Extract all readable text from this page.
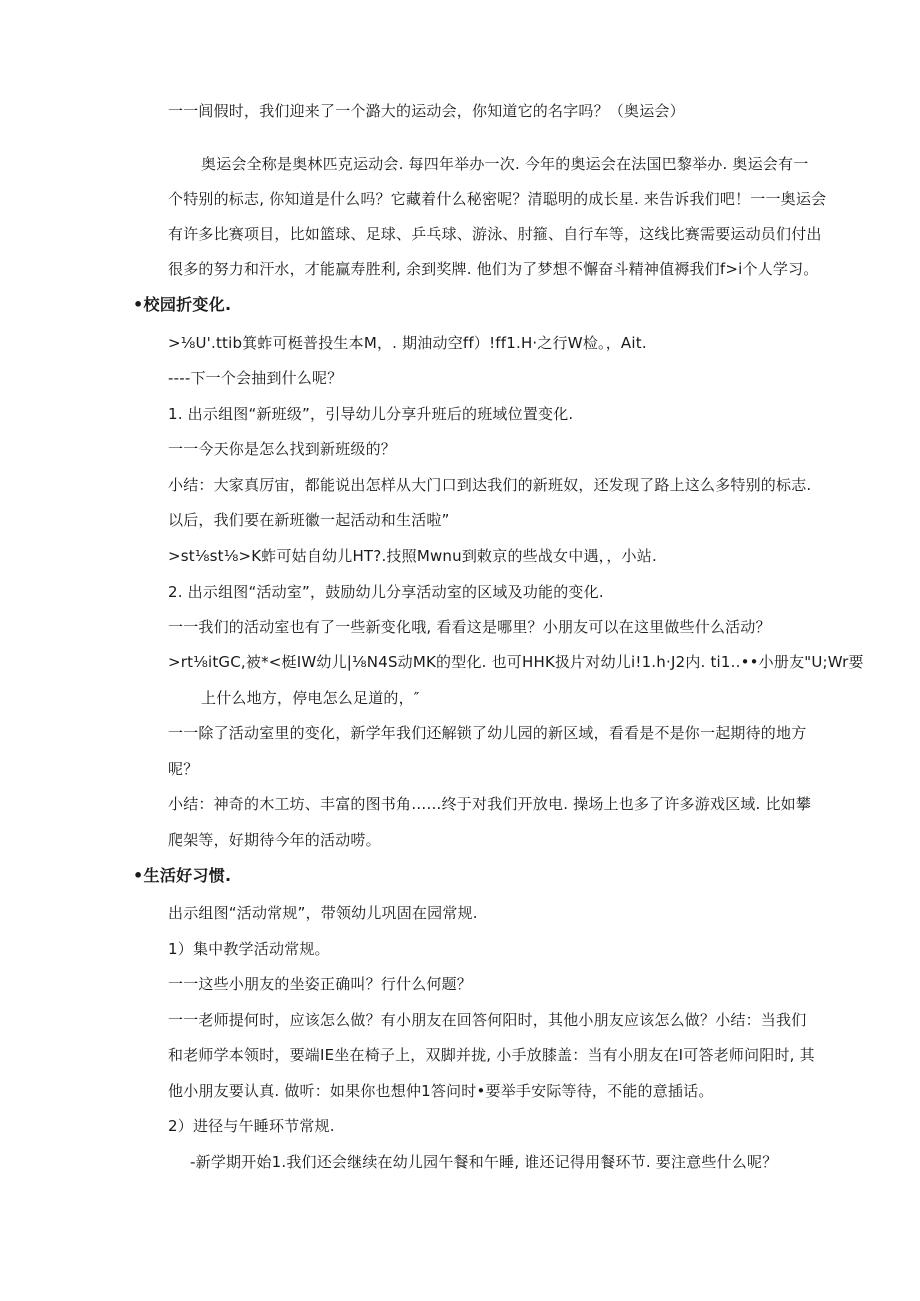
一一闾假时，我们迎来了一个潞大的运动会，你知道它的名字吗？（奥运会）
奥运会全称是奥林匹克运动会. 每四年举办一次. 今年的奥运会在法国巴黎举办. 奥运会有一
个特别的标志, 你知道是什么吗？它藏着什么秘密呢？清聪明的成长星. 来告诉我们吧！一一奥运会
有许多比赛项目，比如篮球、足球、乒乓球、游泳、肘箍、自行车等，这线比赛需要运动员们付出
很多的努力和汗水，才能赢寿胜利, 余到奖牌. 他们为了梦想不懈奋斗精神值褥我们f>i个人学习。
•校园折变化.
>⅛U'.ttib箕蚱可梃普投生本M，. 期油动空ff）!ff1.H·之行W检。，Ait.
----下一个会抽到什么呢？
1. 出示组图“新班级”，引导幼儿分享升班后的班域位置变化.
一一今天你是怎么找到新班级的？
小结：大家真厉宙，都能说出怎样从大门口到达我们的新班奴，还发现了路上这么多特别的标志.
以后，我们要在新班徽一起活动和生活啦”
>st⅛st⅛>K蚱可姑自幼儿HT?.技照Mwnu到敕京的些战女中遇，，小站.
2. 出示组图“活动室”，鼓励幼儿分享活动室的区域及功能的变化.
一一我们的活动室也有了一些新变化哦, 看看这是哪里？小朋友可以在这里做些什么活动？
>rt⅛itGC,被*<梃IW幼儿|⅛N4S动MK的型化. 也可HHK扱片对幼儿i!1.h·J2内. ti1..••小册友"U;Wr要
上什么地方，停电怎么足道的，″
一一除了活动室里的变化，新学年我们还解锁了幼儿园的新区域，看看是不是你一起期待的地方
呢？
小结：神奇的木工坊、丰富的图书角……终于对我们开放电. 操场上也多了许多游戏区域. 比如攀
爬架等，好期待今年的活动唠。
•生活好习惯.
出示组图“活动常规”，带领幼儿巩固在园常规.
1）集中教学活动常规。
一一这些小朋友的坐姿正确叫？行什么何题？
一一老师提何时，应该怎么做？有小朋友在回答何阳时，其他小朋友应该怎么做？小结：当我们
和老师学本领时，要端IE坐在椅子上，双脚并拢, 小手放膝盖：当有小朋友在I可答老师问阳时, 其
他小朋友要认真. 做听：如果你也想仲1答问时•要举手安际等待，不能的意插话。
2）进径与午睡环节常规.
-新学期开始1.我们还会继续在幼儿园午餐和午睡, 谁还记得用餐环节. 要注意些什么呢？
